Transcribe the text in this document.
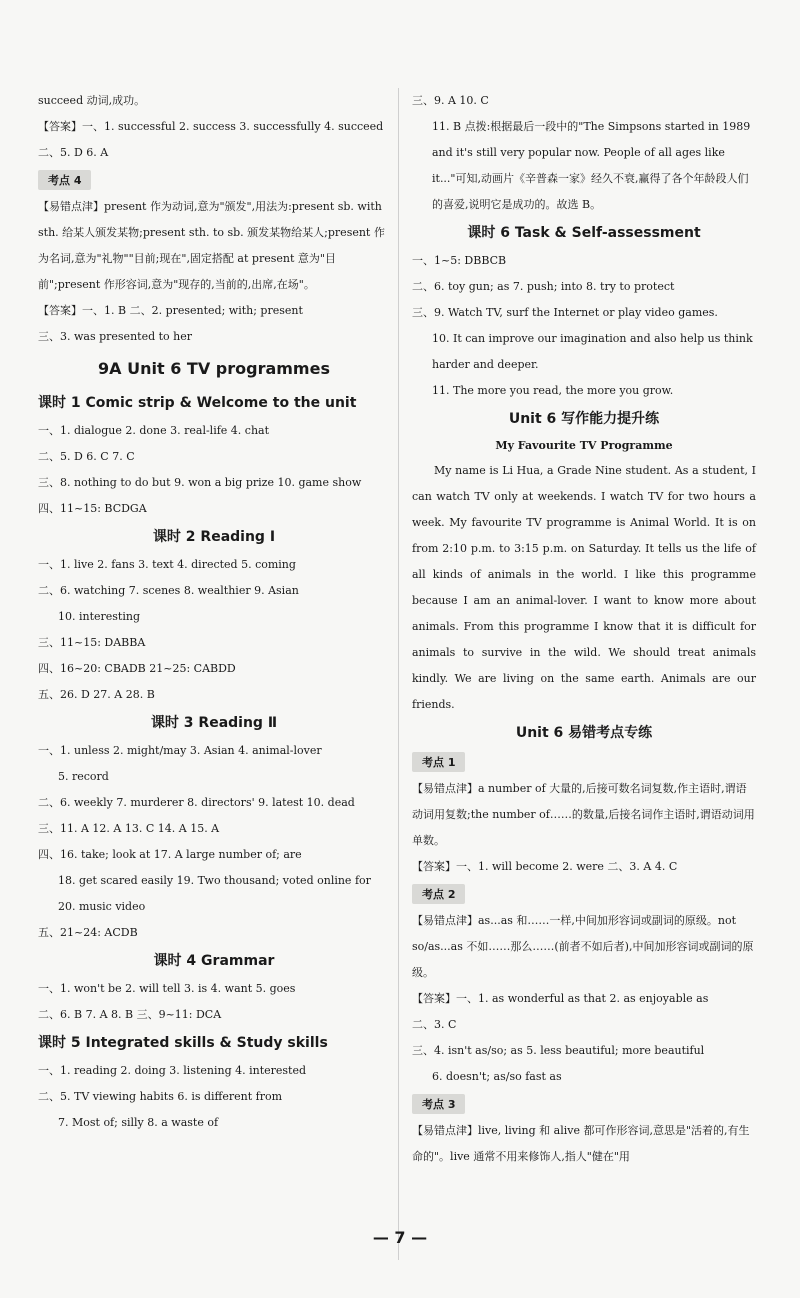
succeed 动词,成功。
【答案】一、1. successful 2. success 3. successfully 4. succeed
二、5. D 6. A
考点 4
【易错点津】present 作为动词,意为"颁发",用法为:present sb. with sth. 给某人颁发某物;present sth. to sb. 颁发某物给某人;present 作为名词,意为"礼物""目前;现在",固定搭配 at present 意为"目前";present 作形容词,意为"现存的,当前的,出席,在场"。
【答案】一、1. B 二、2. presented; with; present
三、3. was presented to her
9A Unit 6 TV programmes
课时 1 Comic strip & Welcome to the unit
一、1. dialogue 2. done 3. real-life 4. chat
二、5. D 6. C 7. C
三、8. nothing to do but 9. won a big prize 10. game show
四、11~15: BCDGA
课时 2 Reading Ⅰ
一、1. live 2. fans 3. text 4. directed 5. coming
二、6. watching 7. scenes 8. wealthier 9. Asian
10. interesting
三、11~15: DABBA
四、16~20: CBADB 21~25: CABDD
五、26. D 27. A 28. B
课时 3 Reading Ⅱ
一、1. unless 2. might/may 3. Asian 4. animal-lover
5. record
二、6. weekly 7. murderer 8. directors' 9. latest 10. dead
三、11. A 12. A 13. C 14. A 15. A
四、16. take; look at 17. A large number of; are
18. get scared easily 19. Two thousand; voted online for
20. music video
五、21~24: ACDB
课时 4 Grammar
一、1. won't be 2. will tell 3. is 4. want 5. goes
二、6. B 7. A 8. B 三、9~11: DCA
课时 5 Integrated skills & Study skills
一、1. reading 2. doing 3. listening 4. interested
二、5. TV viewing habits 6. is different from
7. Most of; silly 8. a waste of
三、9. A 10. C
11. B 点拨:根据最后一段中的"The Simpsons started in 1989 and it's still very popular now. People of all ages like it..."可知,动画片《辛普森一家》经久不衰,赢得了各个年龄段人们的喜爱,说明它是成功的。故选 B。
课时 6 Task & Self-assessment
一、1~5: DBBCB
二、6. toy gun; as 7. push; into 8. try to protect
三、9. Watch TV, surf the Internet or play video games.
10. It can improve our imagination and also help us think
harder and deeper.
11. The more you read, the more you grow.
Unit 6 写作能力提升练
My Favourite TV Programme
My name is Li Hua, a Grade Nine student. As a student, I can watch TV only at weekends. I watch TV for two hours a week. My favourite TV programme is Animal World. It is on from 2:10 p.m. to 3:15 p.m. on Saturday. It tells us the life of all kinds of animals in the world. I like this programme because I am an animal-lover. I want to know more about animals. From this programme I know that it is difficult for animals to survive in the wild. We should treat animals kindly. We are living on the same earth. Animals are our friends.
Unit 6 易错考点专练
考点 1
【易错点津】a number of 大量的,后接可数名词复数,作主语时,谓语动词用复数;the number of……的数量,后接名词作主语时,谓语动词用单数。
【答案】一、1. will become 2. were 二、3. A 4. C
考点 2
【易错点津】as...as 和……一样,中间加形容词或副词的原级。not so/as...as 不如……那么……(前者不如后者),中间加形容词或副词的原级。
【答案】一、1. as wonderful as that 2. as enjoyable as
二、3. C
三、4. isn't as/so; as 5. less beautiful; more beautiful
6. doesn't; as/so fast as
考点 3
【易错点津】live, living 和 alive 都可作形容词,意思是"活着的,有生命的"。live 通常不用来修饰人,指人"健在"用
— 7 —
